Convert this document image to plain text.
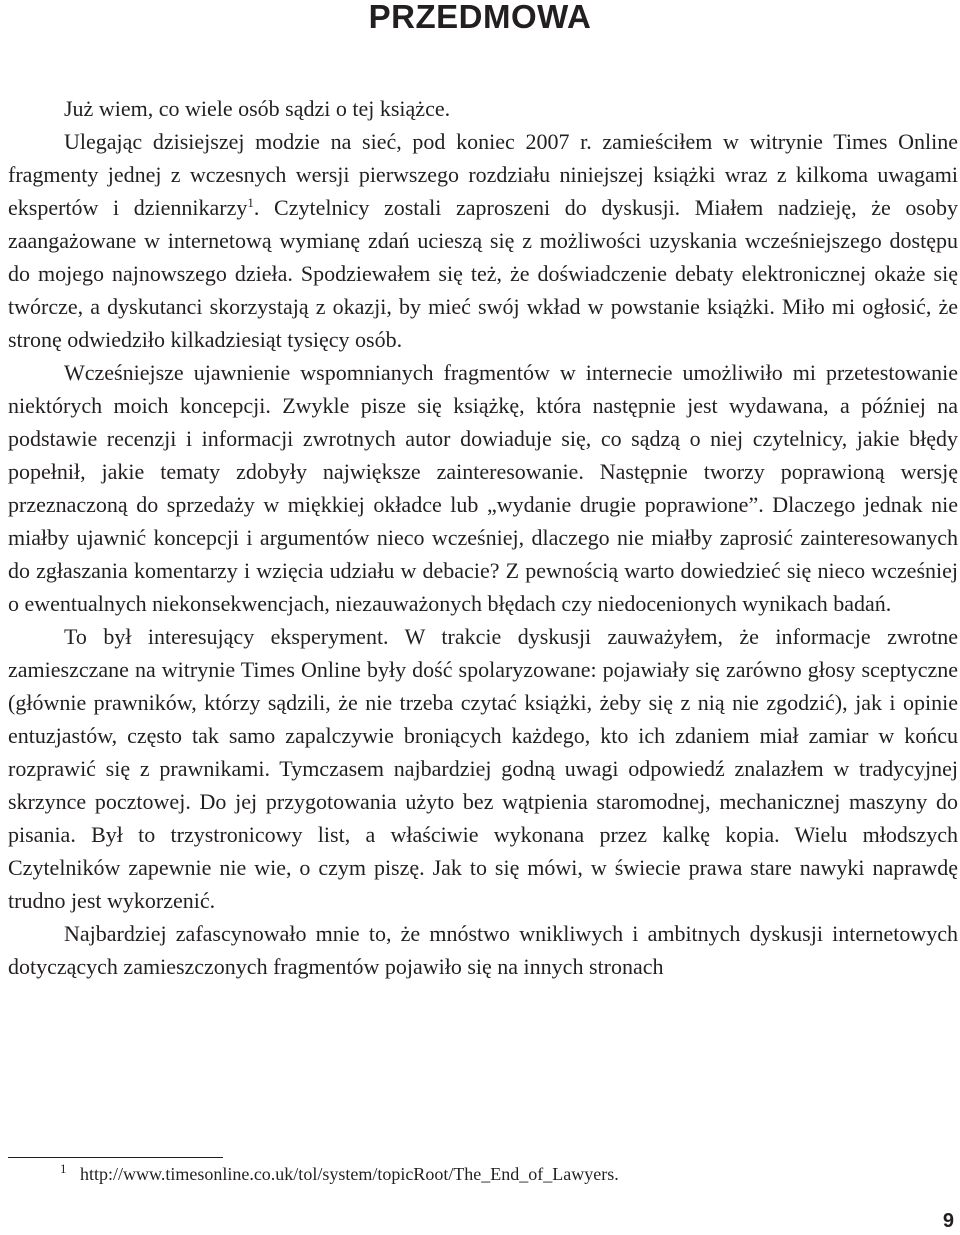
PRZEDMOWA

Już wiem, co wiele osób sądzi o tej książce.

Ulegając dzisiejszej modzie na sieć, pod koniec 2007 r. zamieściłem w witrynie Times Online fragmenty jednej z wczesnych wersji pierwszego rozdziału niniejszej książki wraz z kilkoma uwagami ekspertów i dziennikarzy$^1$. Czytelnicy zostali zaproszeni do dyskusji. Miałem nadzieję, że osoby zaangażowane w internetową wymianę zdań ucieszą się z możliwości uzyskania wcześniejszego dostępu do mojego najnowszego dzieła. Spodziewałem się też, że doświadczenie debaty elektronicznej okaże się twórcze, a dyskutanci skorzystają z okazji, by mieć swój wkład w powstanie książki. Miło mi ogłosić, że stronę odwiedziło kilkadziesiąt tysięcy osób.

Wcześniejsze ujawnienie wspomnianych fragmentów w internecie umożliwiło mi przetestowanie niektórych moich koncepcji. Zwykle pisze się książkę, która następnie jest wydawana, a później na podstawie recenzji i informacji zwrotnych autor dowiaduje się, co sądzą o niej czytelnicy, jakie błędy popełnił, jakie tematy zdobyły największe zainteresowanie. Następnie tworzy poprawioną wersję przeznaczoną do sprzedaży w miękkiej okładce lub „wydanie drugie poprawione”. Dlaczego jednak nie miałby ujawnić koncepcji i argumentów nieco wcześniej, dlaczego nie miałby zaprosić zainteresowanych do zgłaszania komentarzy i wzięcia udziału w debacie? Z pewnością warto dowiedzieć się nieco wcześniej o ewentualnych niekonsekwencjach, niezauważonych błędach czy niedocenionych wynikach badań.

To był interesujący eksperyment. W trakcie dyskusji zauważyłem, że informacje zwrotne zamieszczane na witrynie Times Online były dość spolaryzowane: pojawiały się zarówno głosy sceptyczne (głównie prawników, którzy sądzili, że nie trzeba czytać książki, żeby się z nią nie zgodzić), jak i opinie entuzjastów, często tak samo zapalczywie broniących każdego, kto ich zdaniem miał zamiar w końcu rozprawić się z prawnikami. Tymczasem najbardziej godną uwagi odpowiedź znalazłem w tradycyjnej skrzynce pocztowej. Do jej przygotowania użyto bez wątpienia staromodnej, mechanicznej maszyny do pisania. Był to trzystronicowy list, a właściwie wykonana przez kalkę kopia. Wielu młodszych Czytelników zapewnie nie wie, o czym piszę. Jak to się mówi, w świecie prawa stare nawyki naprawdę trudno jest wykorzenić.

Najbardziej zafascynowało mnie to, że mnóstwo wnikliwych i ambitnych dyskusji internetowych dotyczących zamieszczonych fragmentów pojawiło się na innych stronach

1 http://www.timesonline.co.uk/tol/system/topicRoot/The_End_of_Lawyers.
9
